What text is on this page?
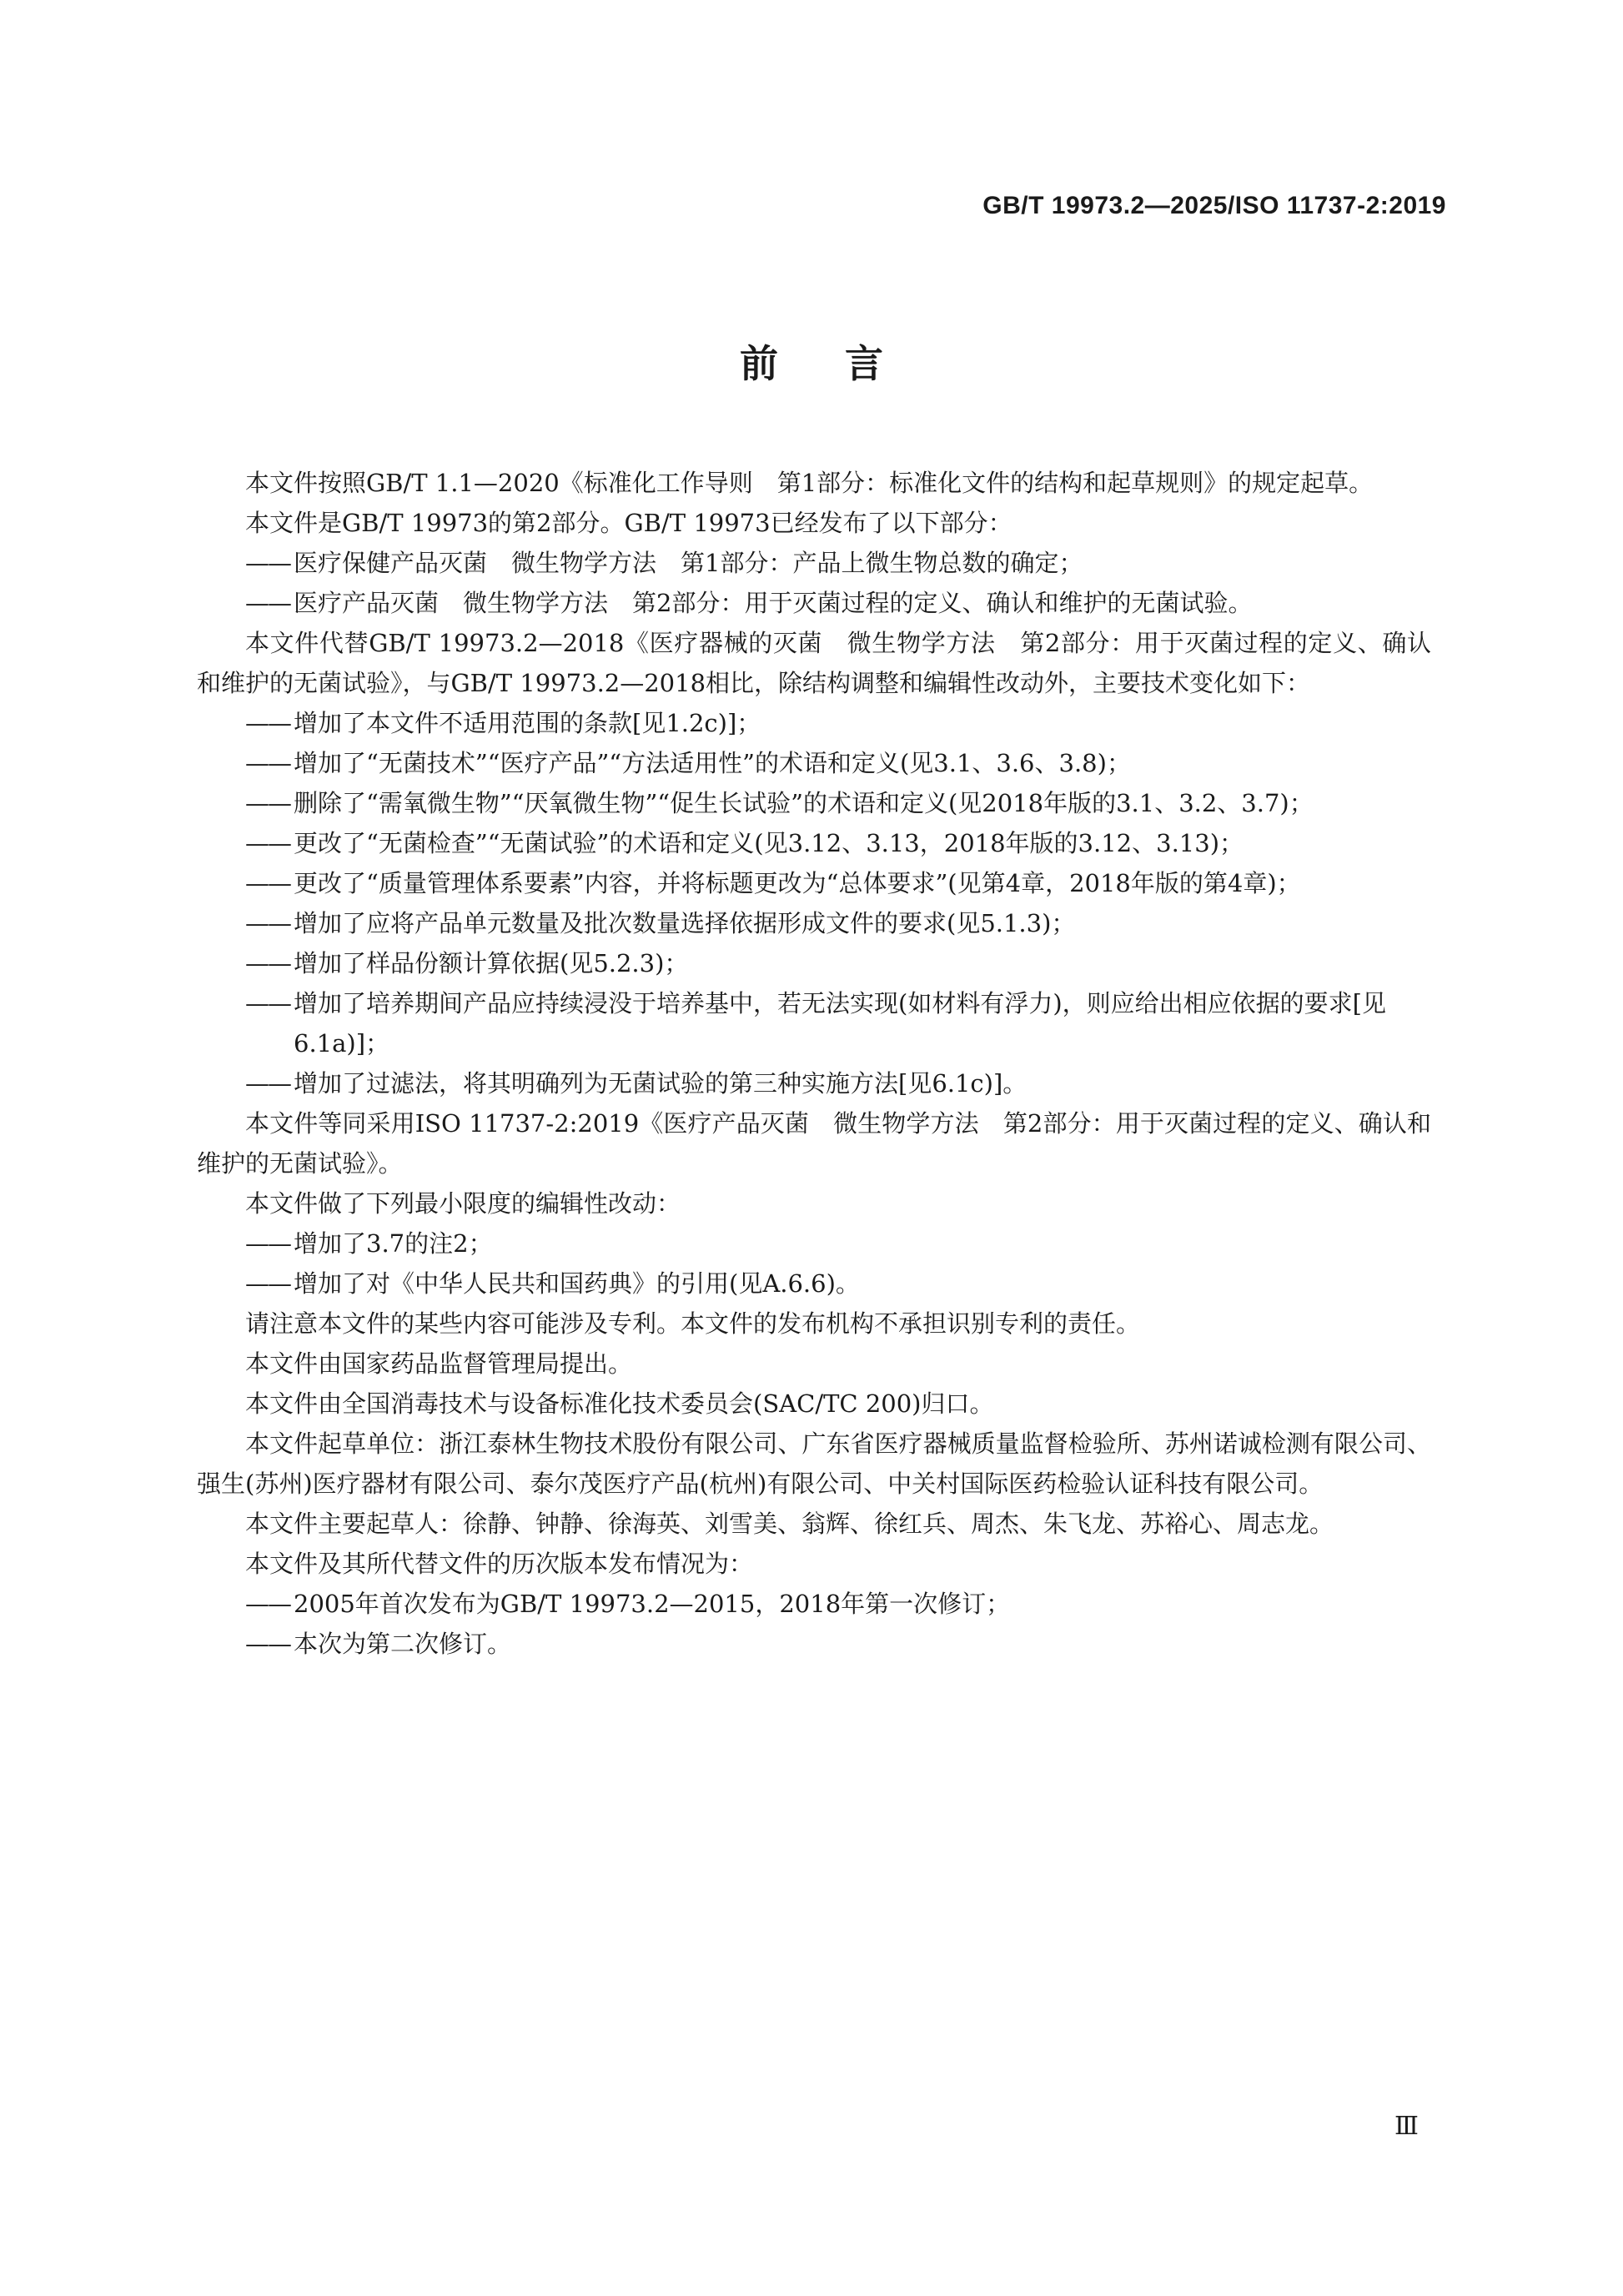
GB/T 19973.2—2025/ISO 11737-2:2019
前言

本文件按照GB/T 1.1—2020《标准化工作导则　第1部分：标准化文件的结构和起草规则》的规定起草。

本文件是GB/T 19973的第2部分。GB/T 19973已经发布了以下部分：

—— 医疗保健产品灭菌　微生物学方法　第1部分：产品上微生物总数的确定；

—— 医疗产品灭菌　微生物学方法　第2部分：用于灭菌过程的定义、确认和维护的无菌试验。

本文件代替GB/T 19973.2—2018《医疗器械的灭菌　微生物学方法　第2部分：用于灭菌过程的定义、确认和维护的无菌试验》，与GB/T 19973.2—2018相比，除结构调整和编辑性改动外，主要技术变化如下：

—— 增加了本文件不适用范围的条款[见1.2c)]；

—— 增加了“无菌技术”“医疗产品”“方法适用性”的术语和定义(见3.1、3.6、3.8)；

—— 删除了“需氧微生物”“厌氧微生物”“促生长试验”的术语和定义(见2018年版的3.1、3.2、3.7)；

—— 更改了“无菌检查”“无菌试验”的术语和定义(见3.12、3.13，2018年版的3.12、3.13)；

—— 更改了“质量管理体系要素”内容，并将标题更改为“总体要求”(见第4章，2018年版的第4章)；

—— 增加了应将产品单元数量及批次数量选择依据形成文件的要求(见5.1.3)；

—— 增加了样品份额计算依据(见5.2.3)；

—— 增加了培养期间产品应持续浸没于培养基中，若无法实现(如材料有浮力)，则应给出相应依据的要求[见6.1a)]；

—— 增加了过滤法，将其明确列为无菌试验的第三种实施方法[见6.1c)]。

本文件等同采用ISO 11737-2:2019《医疗产品灭菌　微生物学方法　第2部分：用于灭菌过程的定义、确认和维护的无菌试验》。

本文件做了下列最小限度的编辑性改动：

—— 增加了3.7的注2；

—— 增加了对《中华人民共和国药典》的引用(见A.6.6)。

请注意本文件的某些内容可能涉及专利。本文件的发布机构不承担识别专利的责任。

本文件由国家药品监督管理局提出。

本文件由全国消毒技术与设备标准化技术委员会(SAC/TC 200)归口。

本文件起草单位：浙江泰林生物技术股份有限公司、广东省医疗器械质量监督检验所、苏州诺诚检测有限公司、强生(苏州)医疗器材有限公司、泰尔茂医疗产品(杭州)有限公司、中关村国际医药检验认证科技有限公司。

本文件主要起草人：徐静、钟静、徐海英、刘雪美、翁辉、徐红兵、周杰、朱飞龙、苏裕心、周志龙。

本文件及其所代替文件的历次版本发布情况为：

—— 2005年首次发布为GB/T 19973.2—2015，2018年第一次修订；

—— 本次为第二次修订。

Ⅲ
